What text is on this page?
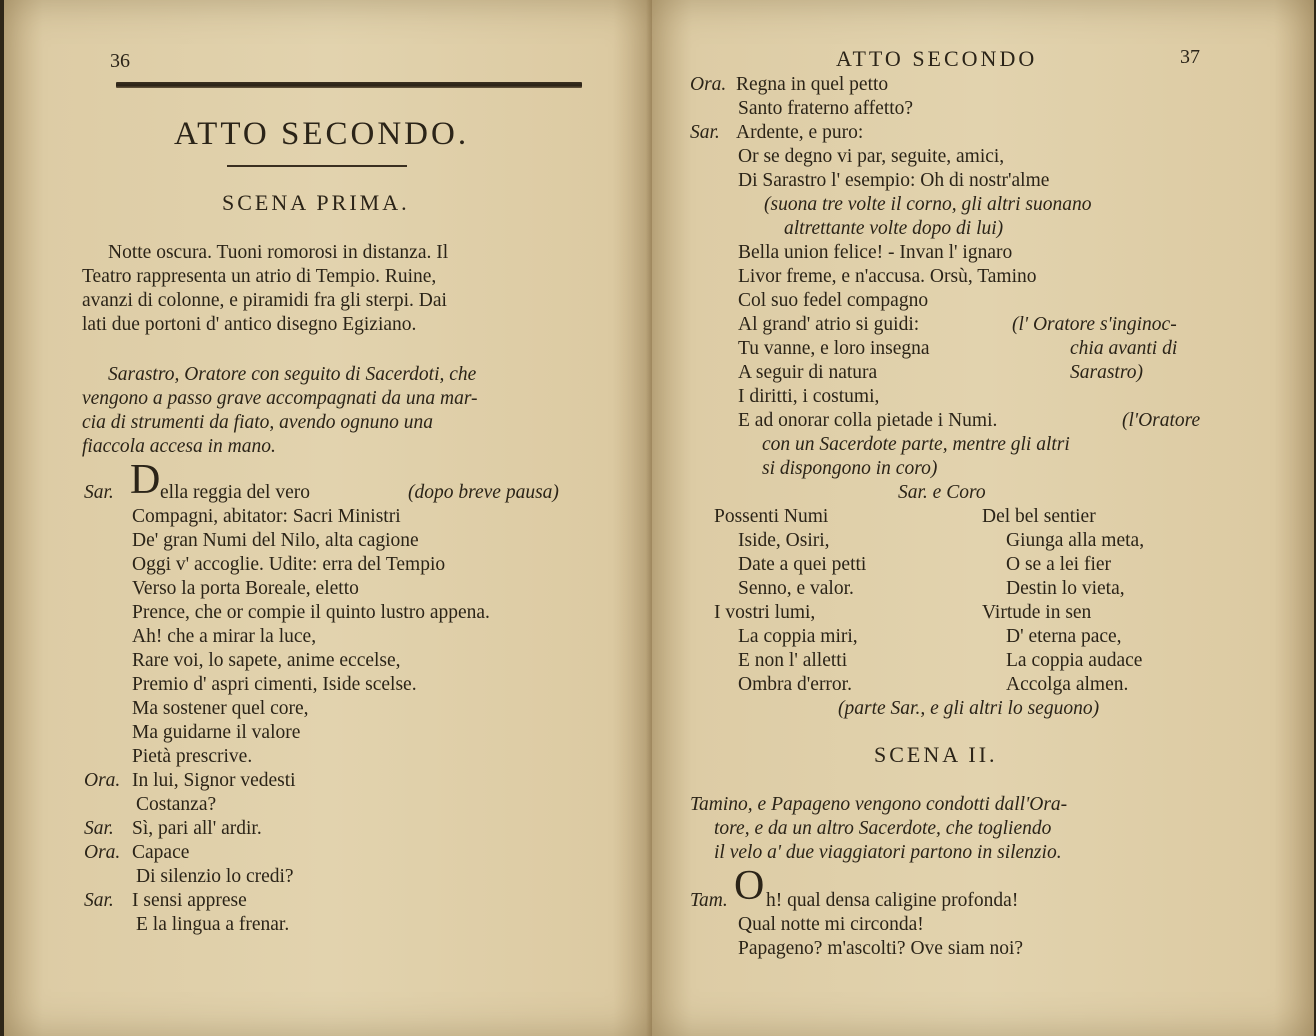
36
ATTO SECONDO.
SCENA PRIMA.
Notte oscura. Tuoni romorosi in distanza. Il
Teatro rappresenta un atrio di Tempio. Ruine,
avanzi di colonne, e piramidi fra gli sterpi. Dai
lati due portoni d' antico disegno Egiziano.
Sarastro, Oratore con seguito di Sacerdoti, che
vengono a passo grave accompagnati da una mar-
cia di strumenti da fiato, avendo ognuno una
fiaccola accesa in mano.
Sar. D ella reggia del vero	(dopo breve pausa)
Compagni, abitator: Sacri Ministri
De' gran Numi del Nilo, alta cagione
Oggi v' accoglie. Udite: erra del Tempio
Verso la porta Boreale, eletto
Prence, che or compie il quinto lustro appena.
Ah! che a mirar la luce,
Rare voi, lo sapete, anime eccelse,
Premio d' aspri cimenti, Iside scelse.
Ma sostener quel core,
Ma guidarne il valore
Pietà prescrive.
Ora. In lui, Signor vedesti
Costanza?
Sar. Sì, pari all' ardir.
Ora. Capace
Di silenzio lo credi?
Sar. I sensi apprese
E la lingua a frenar.
ATTO SECONDO	37
Ora. Regna in quel petto
Santo fraterno affetto?
Sar. Ardente, e puro:
Or se degno vi par, seguite, amici,
Di Sarastro l' esempio: Oh di nostr'alme
(suona tre volte il corno, gli altri suonano
altrettante volte dopo di lui)
Bella union felice! - Invan l' ignaro
Livor freme, e n'accusa. Orsù, Tamino
Col suo fedel compagno
Al grand' atrio si guidi:
Tu vanne, e loro insegna
A seguir di natura
I diritti, i costumi,
E ad onorar colla pietade i Numi.
(l' Oratore s'inginoc-
chia avanti di
Sarastro)
(l'Oratore
con un Sacerdote parte, mentre gli altri
si dispongono in coro)
Sar. e Coro
Possenti Numi
Iside, Osiri,
Date a quei petti
Senno, e valor.
I vostri lumi,
La coppia miri,
E non l' alletti
Ombra d'error.
Del bel sentier
Giunga alla meta,
O se a lei fier
Destin lo vieta,
Virtude in sen
D' eterna pace,
La coppia audace
Accolga almen.
(parte Sar., e gli altri lo seguono)
SCENA II.
Tamino, e Papageno vengono condotti dall'Ora-
tore, e da un altro Sacerdote, che togliendo
il velo a' due viaggiatori partono in silenzio.
Tam. O h! qual densa caligine profonda!
Qual notte mi circonda!
Papageno? m'ascolti? Ove siam noi?
